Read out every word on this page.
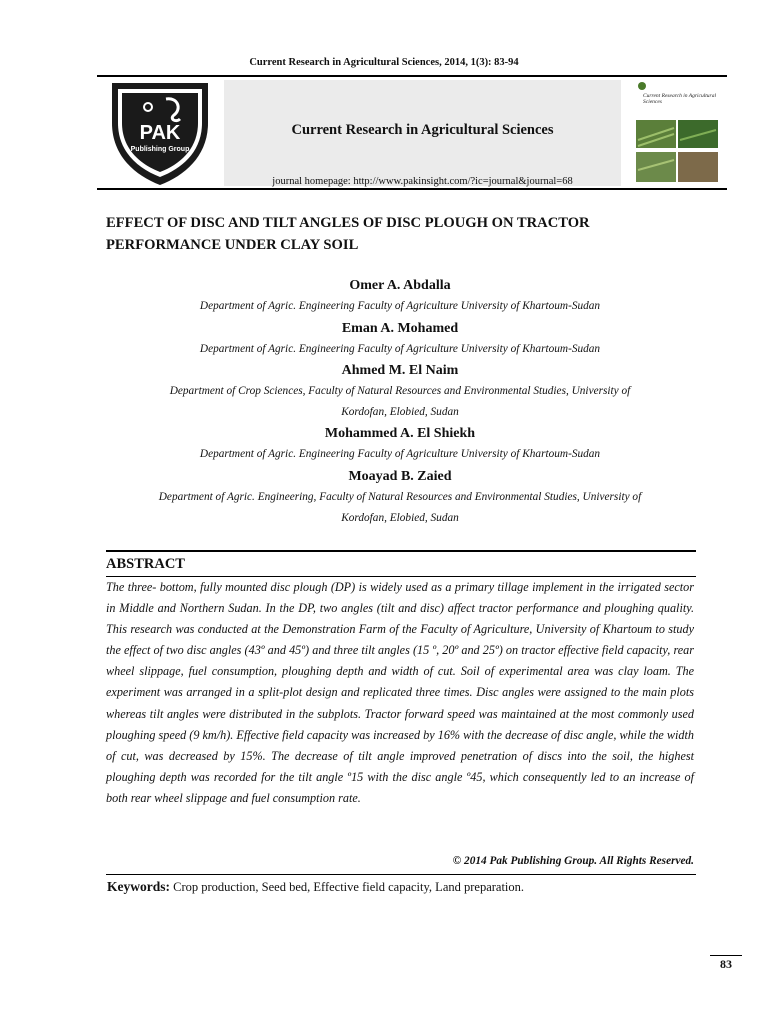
Current Research in Agricultural Sciences, 2014, 1(3): 83-94
PAK
Publishing Group
Current Research in Agricultural Sciences
journal homepage: http://www.pakinsight.com/?ic=journal&journal=68
Current Research in Agricultural Sciences
EFFECT OF DISC AND TILT ANGLES OF DISC PLOUGH ON TRACTOR
PERFORMANCE UNDER CLAY SOIL
Omer A. Abdalla
Department of Agric. Engineering Faculty of Agriculture University of Khartoum-Sudan
Eman A. Mohamed
Department of Agric. Engineering Faculty of Agriculture University of Khartoum-Sudan
Ahmed M. El Naim
Department of Crop Sciences, Faculty of Natural Resources and Environmental Studies, University of
Kordofan, Elobied, Sudan
Mohammed A. El Shiekh
Department of Agric. Engineering Faculty of Agriculture University of Khartoum-Sudan
Moayad B. Zaied
Department of Agric. Engineering, Faculty of Natural Resources and Environmental Studies, University of
Kordofan, Elobied, Sudan
ABSTRACT

The three- bottom, fully mounted disc plough (DP) is widely used as a primary tillage implement in the irrigated sector in Middle and Northern Sudan. In the DP, two angles (tilt and disc) affect tractor performance and ploughing quality. This research was conducted at the Demonstration Farm of the Faculty of Agriculture, University of Khartoum to study the effect of two disc angles (43º and 45º) and three tilt angles (15 º, 20º and 25º) on tractor effective field capacity, rear wheel slippage, fuel consumption, ploughing depth and width of cut. Soil of experimental area was clay loam. The experiment was arranged in a split-plot design and replicated three times. Disc angles were assigned to the main plots whereas tilt angles were distributed in the subplots. Tractor forward speed was maintained at the most commonly used ploughing speed (9 km/h). Effective field capacity was increased by 16% with the decrease of disc angle, while the width of cut, was decreased by 15%. The decrease of tilt angle improved penetration of discs into the soil, the highest ploughing depth was recorded for the tilt angle º15 with the disc angle º45, which consequently led to an increase of both rear wheel slippage and fuel consumption rate.

© 2014 Pak Publishing Group. All Rights Reserved.
Keywords: Crop production, Seed bed, Effective field capacity, Land preparation.
83
